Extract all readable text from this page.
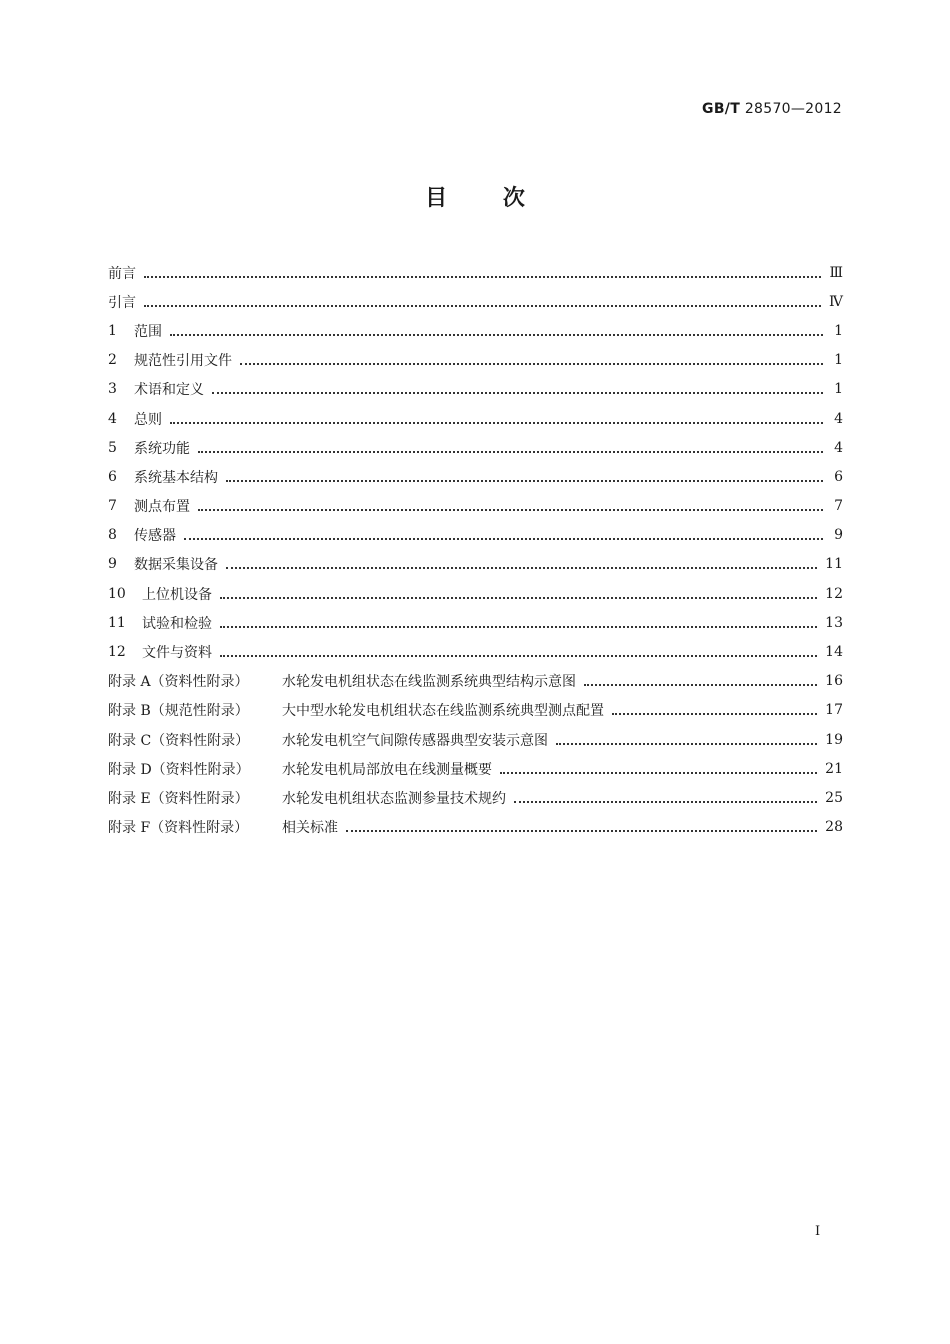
GB/T 28570—2012
目	次
前言	Ⅲ
引言	Ⅳ
1	范围	1
2	规范性引用文件	1
3	术语和定义	1
4	总则	4
5	系统功能	4
6	系统基本结构	6
7	测点布置	7
8	传感器	9
9	数据采集设备	11
10	上位机设备	12
11	试验和检验	13
12	文件与资料	14
附录 A（资料性附录）	水轮发电机组状态在线监测系统典型结构示意图	16
附录 B（规范性附录）	大中型水轮发电机组状态在线监测系统典型测点配置	17
附录 C（资料性附录）	水轮发电机空气间隙传感器典型安装示意图	19
附录 D（资料性附录）	水轮发电机局部放电在线测量概要	21
附录 E（资料性附录）	水轮发电机组状态监测参量技术规约	25
附录 F（资料性附录）	相关标准	28
Ⅰ
